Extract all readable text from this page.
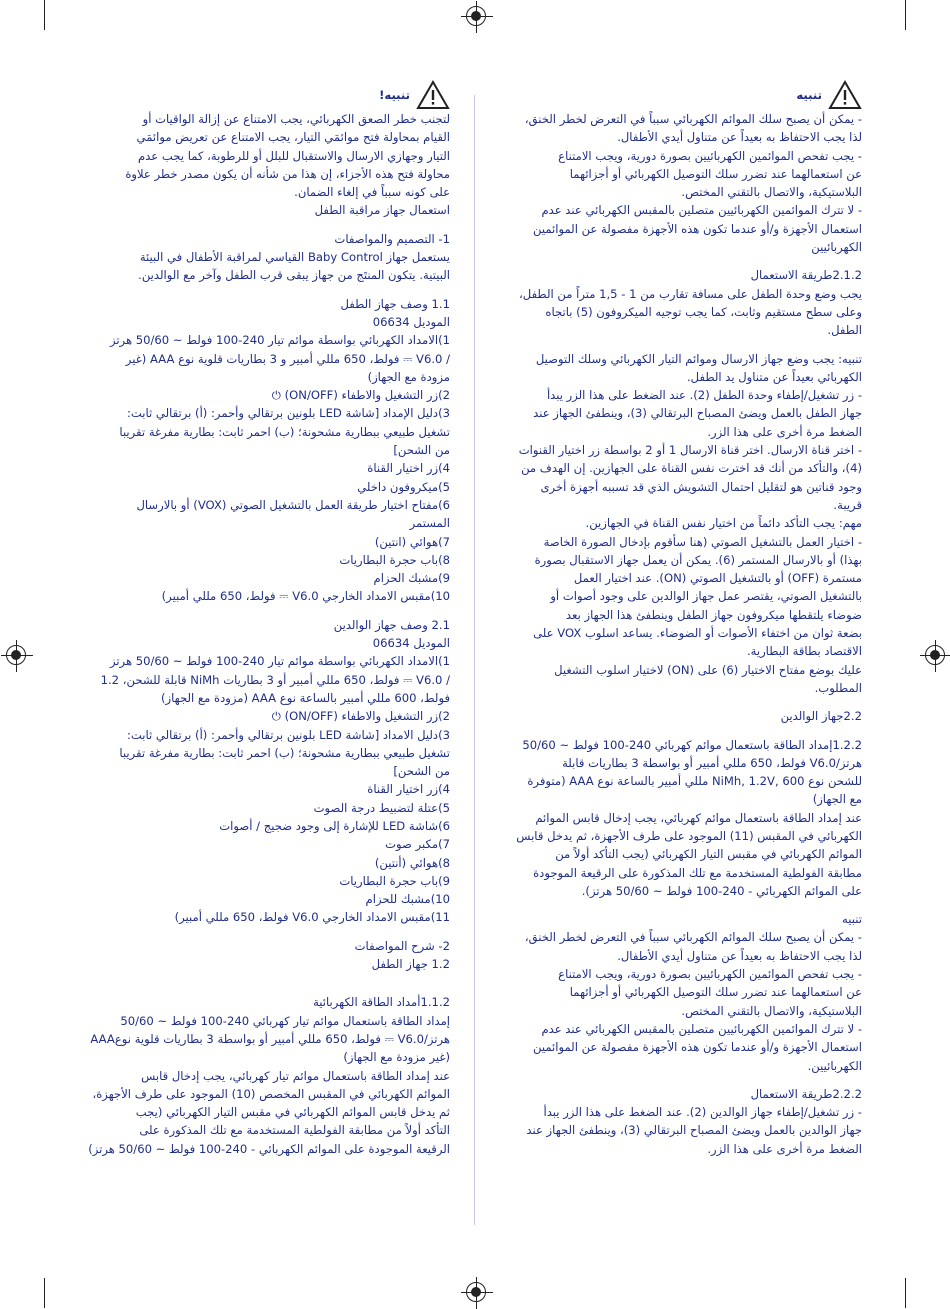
تنبيه

- يمكن أن يصبح سلك الموائم الكهربائي سبباً في التعرض لخطر الخنق،

لذا يجب الاحتفاظ به بعيداً عن متناول أيدي الأطفال.

- يجب تفحص الموائمين الكهربائيين بصورة دورية، ويجب الامتناع

عن استعمالهما عند تضرر سلك التوصيل الكهربائي أو أجزائهما

البلاستيكية، والاتصال بالتقني المختص.

- لا تترك الموائمين الكهربائيين متصلين بالمقبس الكهربائي عند عدم

استعمال الأجهزة و/أو عندما تكون هذه الأجهزة مفصولة عن الموائمين

الكهربائيين

2.1.2طريقة الاستعمال

يجب وضع وحدة الطفل على مسافة تقارب من 1 - 1,5 متراً من الطفل،

وعلى سطح مستقيم وثابت، كما يجب توجيه الميكروفون (5) باتجاه

الطفل.

تنبيه: يجب وضع جهاز الارسال وموائم التيار الكهربائي وسلك التوصيل

الكهربائي بعيداً عن متناول يد الطفل.

- زر تشغيل/إطفاء وحدة الطفل (2). عند الضغط على هذا الزر يبدأ

جهاز الطفل بالعمل ويضئ المصباح البرتقالي (3)، وينطفئ الجهاز عند

الضغط مرة أخرى على هذا الزر.

- اختر قناة الارسال. اختر قناة الارسال 1 أو 2 بواسطة زر اختيار القنوات

(4)، والتأكد من أنك قد اخترت نفس القناة على الجهازين. إن الهدف من

وجود قناتين هو لتقليل احتمال التشويش الذي قد تسببه أجهزة أخرى

قريبة.

مهم: يجب التأكد دائماً من اختيار نفس القناة في الجهازين.

- اختيار العمل بالتشغيل الصوتي (هنا سأقوم بإدخال الصورة الخاصة

بهذا) أو بالارسال المستمر (6). يمكن أن يعمل جهاز الاستقبال بصورة

مستمرة (OFF) أو بالتشغيل الصوتي (ON). عند اختيار العمل

بالتشغيل الصوتي، يقتصر عمل جهاز الوالدين على وجود أصوات أو

ضوضاء يلتقطها ميكروفون جهاز الطفل وينطفئ هذا الجهاز بعد

بضعة ثوان من اختفاء الأصوات أو الضوضاء. يساعد اسلوب VOX على

الاقتصاد بطاقة البطارية.

عليك بوضع مفتاح الاختيار (6) على (ON) لاختيار اسلوب التشغيل

المطلوب.

2.2جهاز الوالدين

1.2.2إمداد الطاقة باستعمال موائم كهربائي 240-100 فولط ~ 50/60

هرتز/V6.0 فولط، 650 مللي أمبير أو بواسطة 3 بطاريات قابلة

للشحن نوع NiMh, 1.2V, 600 مللي أمبير بالساعة نوع AAA (متوفرة

مع الجهاز)

عند إمداد الطاقة باستعمال موائم كهربائي، يجب إدخال قابس الموائم

الكهربائي في المقبس (11) الموجود على طرف الأجهزة، ثم يدخل قابس

الموائم الكهربائي في مقبس التيار الكهربائي (يجب التأكد أولاً من

مطابقة الفولطية المستخدمة مع تلك المذكورة على الرقيعة الموجودة

على الموائم الكهربائي - 240-100 فولط ~ 50/60 هرتز).

تنبيه

- يمكن أن يصبح سلك الموائم الكهربائي سبباً في التعرض لخطر الخنق،

لذا يجب الاحتفاظ به بعيداً عن متناول أيدي الأطفال.

- يجب تفحص الموائمين الكهربائيين بصورة دورية، ويجب الامتناع

عن استعمالهما عند تضرر سلك التوصيل الكهربائي أو أجزائهما

البلاستيكية، والاتصال بالتقني المختص.

- لا تترك الموائمين الكهربائيين متصلين بالمقبس الكهربائي عند عدم

استعمال الأجهزة و/أو عندما تكون هذه الأجهزة مفصولة عن الموائمين

الكهربائيين.

2.2.2طريقة الاستعمال

- زر تشغيل/إطفاء جهاز الوالدين (2). عند الضغط على هذا الزر يبدأ

جهاز الوالدين بالعمل ويضئ المصباح البرتقالي (3)، وينطفئ الجهاز عند

الضغط مرة أخرى على هذا الزر.

تنبيه!

لتجنب خطر الصعق الكهربائي، يجب الامتناع عن إزالة الواقيات أو

القيام بمحاولة فتح موائمَي التيار، يجب الامتناع عن تعريض موائمَي

التيار وجهازي الارسال والاستقبال للبلل أو للرطوبة، كما يجب عدم

محاولة فتح هذه الأجزاء، إن هذا من شأنه أن يكون مصدر خطر علاوة

على كونه سبباً في إلغاء الضمان.

استعمال جهاز مراقبة الطفل

1- التصميم والمواصفات

يستعمل جهاز Baby Control القياسي لمراقبة الأطفال في البيئة

البيتية. يتكون المنتَج من جهاز يبقى قرب الطفل وآخر مع الوالدين.

1.1 وصف جهاز الطفل

الموديل 06634

1)الامداد الكهربائي بواسطة موائم تيار 240-100 فولط ~ 50/60 هرتز

/ V6.0 ⎓ فولط، 650 مللي أمبير و 3 بطاريات قلوية نوع AAA (غير

مزودة مع الجهاز)

2)زر التشغيل والاطفاء (ON/OFF) ⏻

3)دليل الإمداد [شاشة LED بلونين برتقالي وأحمر: (أ) برتقالي ثابت:

تشغيل طبيعي ببطارية مشحونة؛ (ب) احمر ثابت: بطارية مفرغة تقريبا

من الشحن]

4)زر اختيار القناة

5)ميكروفون داخلي

6)مفتاح اختيار طريقة العمل بالتشغيل الصوتي (VOX) أو بالارسال

المستمر

7)هوائي (انتين)

8)باب حجرة البطاريات

9)مشبك الحزام

10)مقبس الامداد الخارجي V6.0 ⎓ فولط، 650 مللي أمبير)

2.1 وصف جهاز الوالدين

الموديل 06634

1)الامداد الكهربائي بواسطة موائم تيار 240-100 فولط ~ 50/60 هرتز

/ V6.0 ⎓ فولط، 650 مللي أمبير أو 3 بطاريات NiMh قابلة للشحن، 1.2

فولط، 600 مللي أمبير بالساعة نوع AAA (مزودة مع الجهاز)

2)زر التشغيل والاطفاء (ON/OFF) ⏻

3)دليل الامداد [شاشة LED بلونين برتقالي وأحمر: (أ) برتقالي ثابت:

تشغيل طبيعي ببطارية مشحونة؛ (ب) احمر ثابت: بطارية مفرغة تقريبا

من الشحن]

4)زر اختيار القناة

5)عتلة لتضبيط درجة الصوت

6)شاشة LED للإشارة إلى وجود ضجيج / أصوات

7)مكبر صوت

8)هوائي (أنتين)

9)باب حجرة البطاريات

10)مشبك للحزام

11)مقبس الامداد الخارجي V6.0 فولط، 650 مللي أمبير)

2- شرح المواصفات

1.2 جهاز الطفل

1.1.2أمداد الطاقة الكهربائية

إمداد الطاقة باستعمال موائم تيار كهربائي 240-100 فولط ~ 50/60

هرتز/V6.0 ⎓ فولط، 650 مللي أمبير أو بواسطة 3 بطاريات قلوية نوعAAA

(غير مزودة مع الجهاز)

عند إمداد الطاقة باستعمال موائم تيار كهربائي، يجب إدخال قابس

الموائم الكهربائي في المقبس المخصص (10) الموجود على طرف الأجهزة،

ثم يدخل قابس الموائم الكهربائي في مقبس التيار الكهربائي (يجب

التأكد أولاً من مطابقة الفولطية المستخدمة مع تلك المذكورة على

الرقيعة الموجودة على الموائم الكهربائي - 240-100 فولط ~ 50/60 هرتز)
